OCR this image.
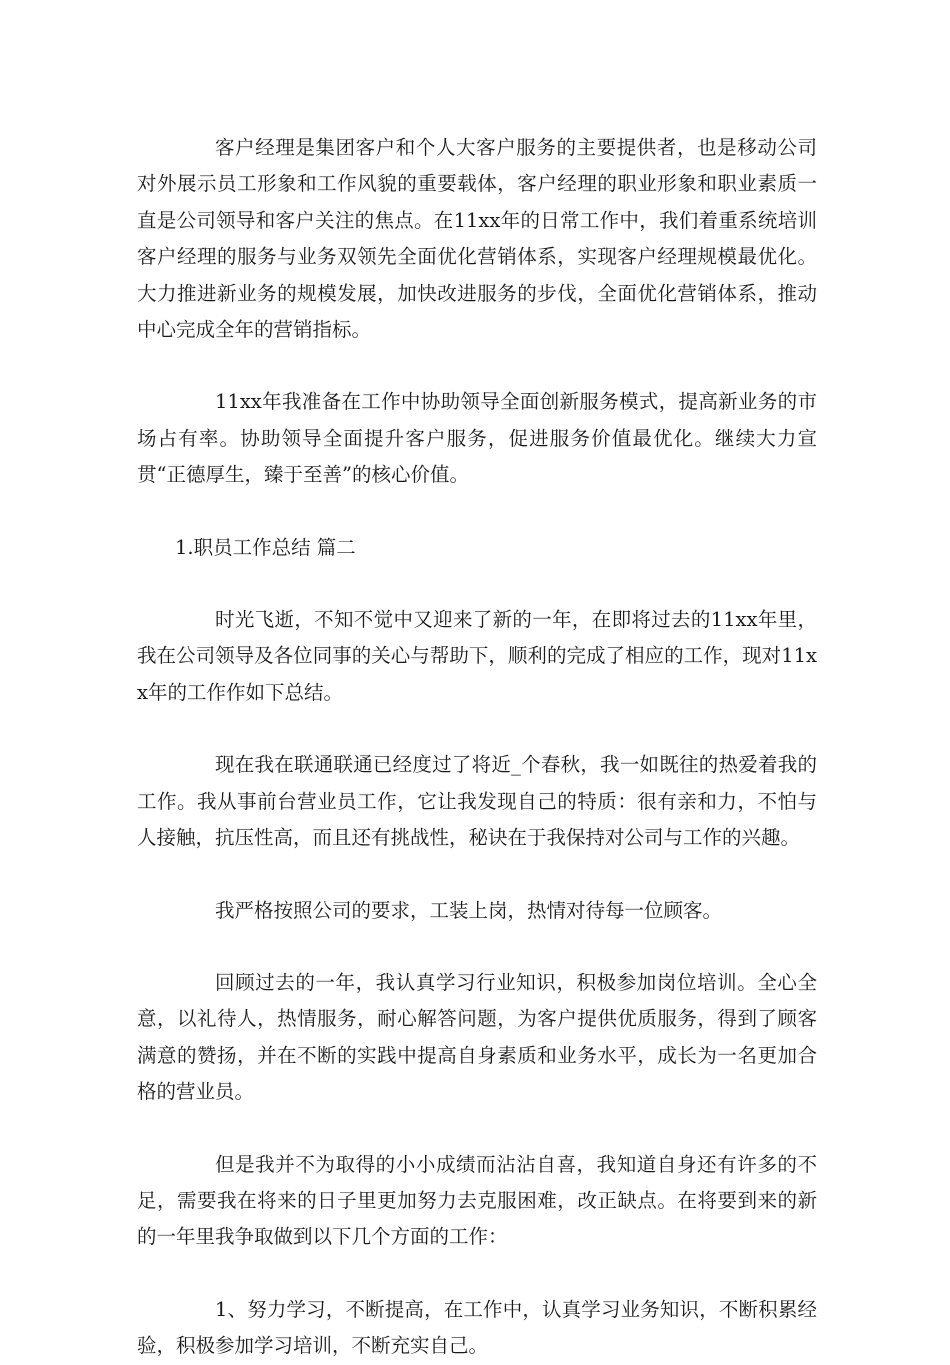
客户经理是集团客户和个人大客户服务的主要提供者，也是移动公司对外展示员工形象和工作风貌的重要载体，客户经理的职业形象和职业素质一直是公司领导和客户关注的焦点。在11xx年的日常工作中，我们着重系统培训客户经理的服务与业务双领先全面优化营销体系，实现客户经理规模最优化。大力推进新业务的规模发展，加快改进服务的步伐，全面优化营销体系，推动中心完成全年的营销指标。

11xx年我准备在工作中协助领导全面创新服务模式，提高新业务的市场占有率。协助领导全面提升客户服务，促进服务价值最优化。继续大力宣贯“正德厚生，臻于至善”的核心价值。

1.职员工作总结 篇二

时光飞逝，不知不觉中又迎来了新的一年，在即将过去的11xx年里，我在公司领导及各位同事的关心与帮助下，顺利的完成了相应的工作，现对11xx年的工作作如下总结。

现在我在联通联通已经度过了将近_个春秋，我一如既往的热爱着我的工作。我从事前台营业员工作，它让我发现自己的特质：很有亲和力，不怕与人接触，抗压性高，而且还有挑战性，秘诀在于我保持对公司与工作的兴趣。

我严格按照公司的要求，工装上岗，热情对待每一位顾客。

回顾过去的一年，我认真学习行业知识，积极参加岗位培训。全心全意，以礼待人，热情服务，耐心解答问题，为客户提供优质服务，得到了顾客满意的赞扬，并在不断的实践中提高自身素质和业务水平，成长为一名更加合格的营业员。

但是我并不为取得的小小成绩而沾沾自喜，我知道自身还有许多的不足，需要我在将来的日子里更加努力去克服困难，改正缺点。在将要到来的新的一年里我争取做到以下几个方面的工作：

1、努力学习，不断提高，在工作中，认真学习业务知识，不断积累经验，积极参加学习培训，不断充实自己。
